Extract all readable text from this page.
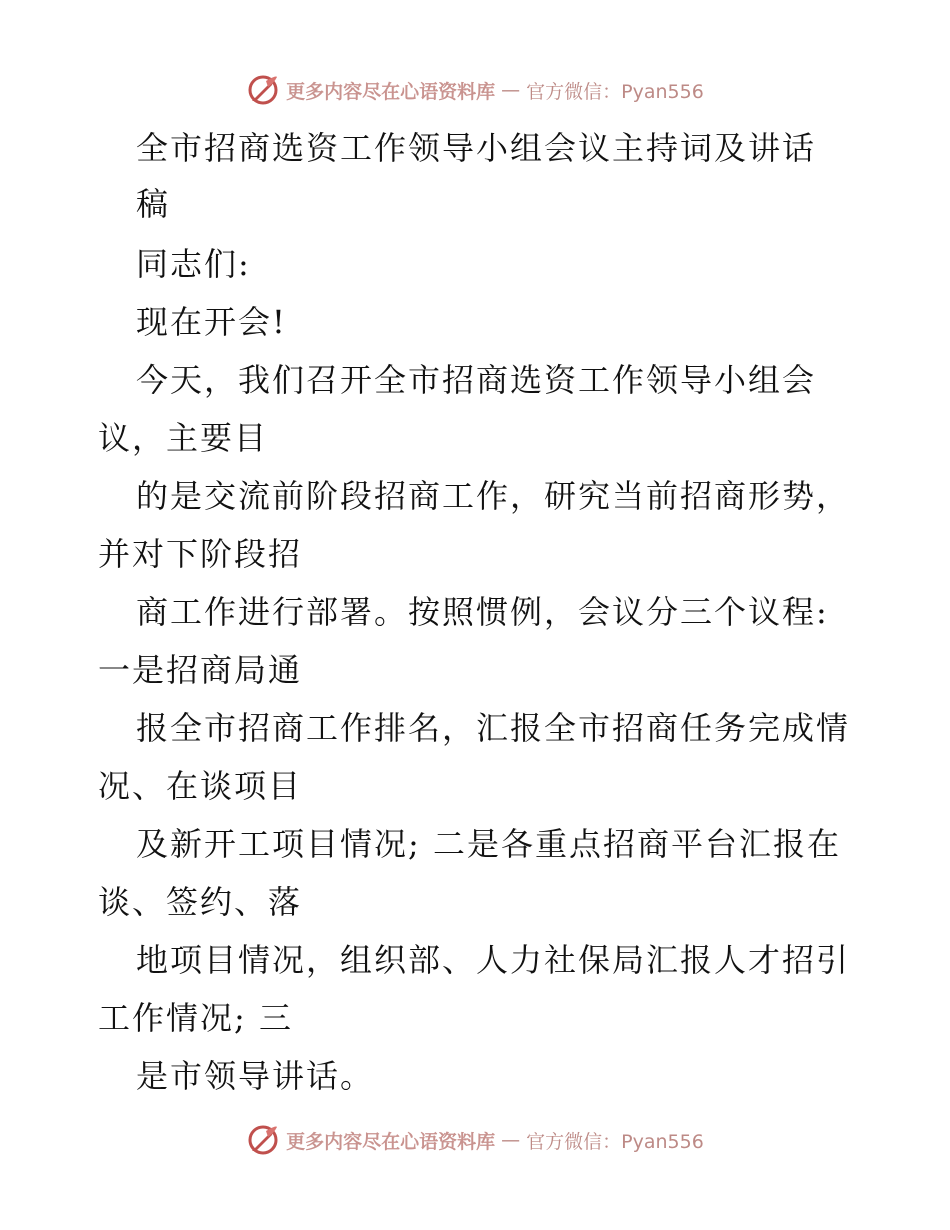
更多内容尽在心语资料库 — 官方微信：Pyan556
全市招商选资工作领导小组会议主持词及讲话
稿
同志们:
现在开会!
今天，我们召开全市招商选资工作领导小组会
议，主要目
的是交流前阶段招商工作，研究当前招商形势，
并对下阶段招
商工作进行部署。按照惯例，会议分三个议程:
一是招商局通
报全市招商工作排名，汇报全市招商任务完成情
况、在谈项目
及新开工项目情况; 二是各重点招商平台汇报在
谈、签约、落
地项目情况，组织部、人力社保局汇报人才招引
工作情况; 三
是市领导讲话。
更多内容尽在心语资料库 — 官方微信：Pyan556
